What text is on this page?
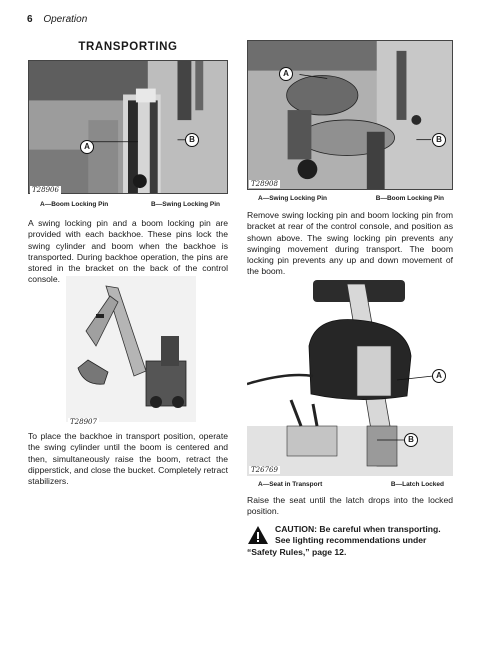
6 Operation
TRANSPORTING
A
B
T28906
A—Boom Locking Pin	B—Swing Locking Pin
A swing locking pin and a boom locking pin are provided with each backhoe. These pins lock the swing cylinder and boom when the backhoe is transported. During backhoe operation, the pins are stored in the bracket on the back of the control console.
T28907
To place the backhoe in transport position, operate the swing cylinder until the boom is centered and then, simultaneously raise the boom, retract the dipperstick, and close the bucket. Completely retract stabilizers.
A
B
T28908
A—Swing Locking Pin	B—Boom Locking Pin
Remove swing locking pin and boom locking pin from bracket at rear of the control console, and position as shown above. The swing locking pin prevents any swinging movement during transport. The boom locking pin prevents any up and down movement of the boom.
A
B
T26769
A—Seat in Transport	B—Latch Locked
Raise the seat until the latch drops into the locked position.
CAUTION: Be careful when transporting. See lighting recommendations under “Safety Rules,” page 12.
